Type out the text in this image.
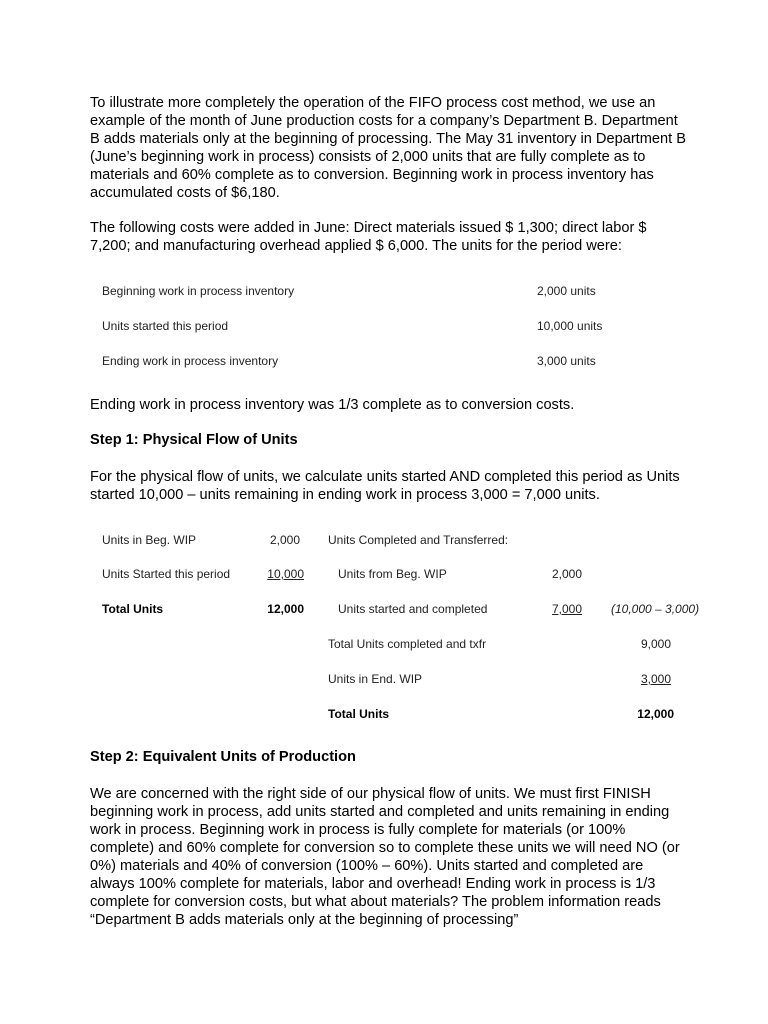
To illustrate more completely the operation of the FIFO process cost method, we use an example of the month of June production costs for a company’s Department B. Department B adds materials only at the beginning of processing. The May 31 inventory in Department B (June’s beginning work in process) consists of 2,000 units that are fully complete as to materials and 60% complete as to conversion. Beginning work in process inventory has accumulated costs of $6,180.

The following costs were added in June: Direct materials issued $ 1,300; direct labor $ 7,200; and manufacturing overhead applied $ 6,000. The units for the period were:

Beginning work in process inventory	2,000 units
Units started this period	10,000 units
Ending work in process inventory	3,000 units

Ending work in process inventory was 1/3 complete as to conversion costs.

Step 1: Physical Flow of Units

For the physical flow of units, we calculate units started AND completed this period as Units started 10,000 – units remaining in ending work in process 3,000 = 7,000 units.

Units in Beg. WIP	2,000
Units Started this period	10,000
Total Units	12,000
Units Completed and Transferred:
Units from Beg. WIP	2,000
Units started and completed	7,000 (10,000 – 3,000)
Total Units completed and txfr	9,000
Units in End. WIP	3,000
Total Units	12,000

Step 2: Equivalent Units of Production

We are concerned with the right side of our physical flow of units. We must first FINISH beginning work in process, add units started and completed and units remaining in ending work in process. Beginning work in process is fully complete for materials (or 100% complete) and 60% complete for conversion so to complete these units we will need NO (or 0%) materials and 40% of conversion (100% – 60%). Units started and completed are always 100% complete for materials, labor and overhead! Ending work in process is 1/3 complete for conversion costs, but what about materials? The problem information reads “Department B adds materials only at the beginning of processing”
